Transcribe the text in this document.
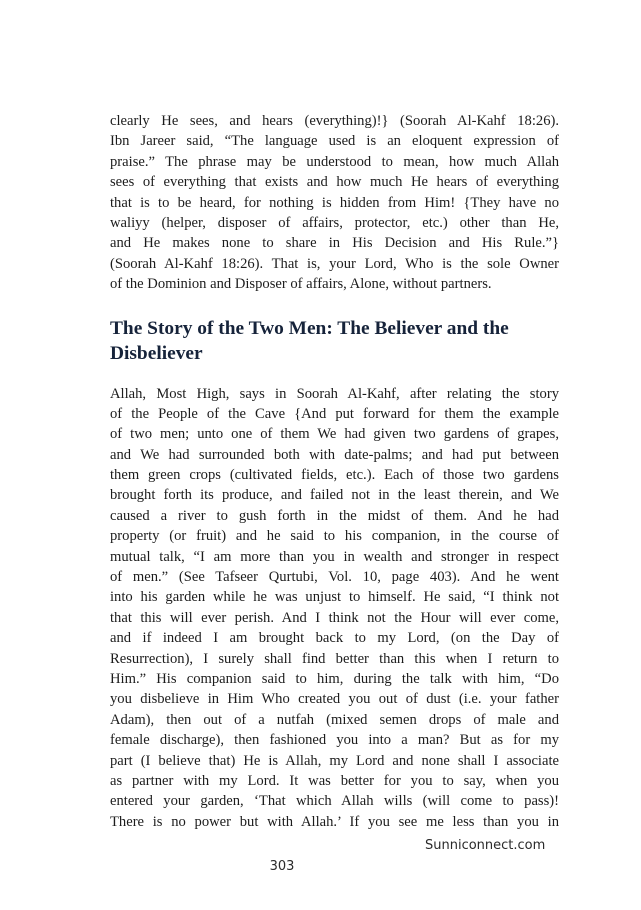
clearly He sees, and hears (everything)!} (Soorah Al-Kahf 18:26).
Ibn Jareer said, “The language used is an eloquent expression of
praise.” The phrase may be understood to mean, how much Allah
sees of everything that exists and how much He hears of everything
that is to be heard, for nothing is hidden from Him! {They have no
waliyy (helper, disposer of affairs, protector, etc.) other than He,
and He makes none to share in His Decision and His Rule.”}
(Soorah Al-Kahf 18:26). That is, your Lord, Who is the sole Owner
of the Dominion and Disposer of affairs, Alone, without partners.

The Story of the Two Men: The Believer and the
Disbeliever

Allah, Most High, says in Soorah Al-Kahf, after relating the story
of the People of the Cave {And put forward for them the example
of two men; unto one of them We had given two gardens of grapes,
and We had surrounded both with date-palms; and had put between
them green crops (cultivated fields, etc.). Each of those two gardens
brought forth its produce, and failed not in the least therein, and We
caused a river to gush forth in the midst of them. And he had
property (or fruit) and he said to his companion, in the course of
mutual talk, “I am more than you in wealth and stronger in respect
of men.” (See Tafseer Qurtubi, Vol. 10, page 403). And he went
into his garden while he was unjust to himself. He said, “I think not
that this will ever perish. And I think not the Hour will ever come,
and if indeed I am brought back to my Lord, (on the Day of
Resurrection), I surely shall find better than this when I return to
Him.” His companion said to him, during the talk with him, “Do
you disbelieve in Him Who created you out of dust (i.e. your father
Adam), then out of a nutfah (mixed semen drops of male and
female discharge), then fashioned you into a man? But as for my
part (I believe that) He is Allah, my Lord and none shall I associate
as partner with my Lord. It was better for you to say, when you
entered your garden, ‘That which Allah wills (will come to pass)!
There is no power but with Allah.’ If you see me less than you in

Sunniconnect.com
303
